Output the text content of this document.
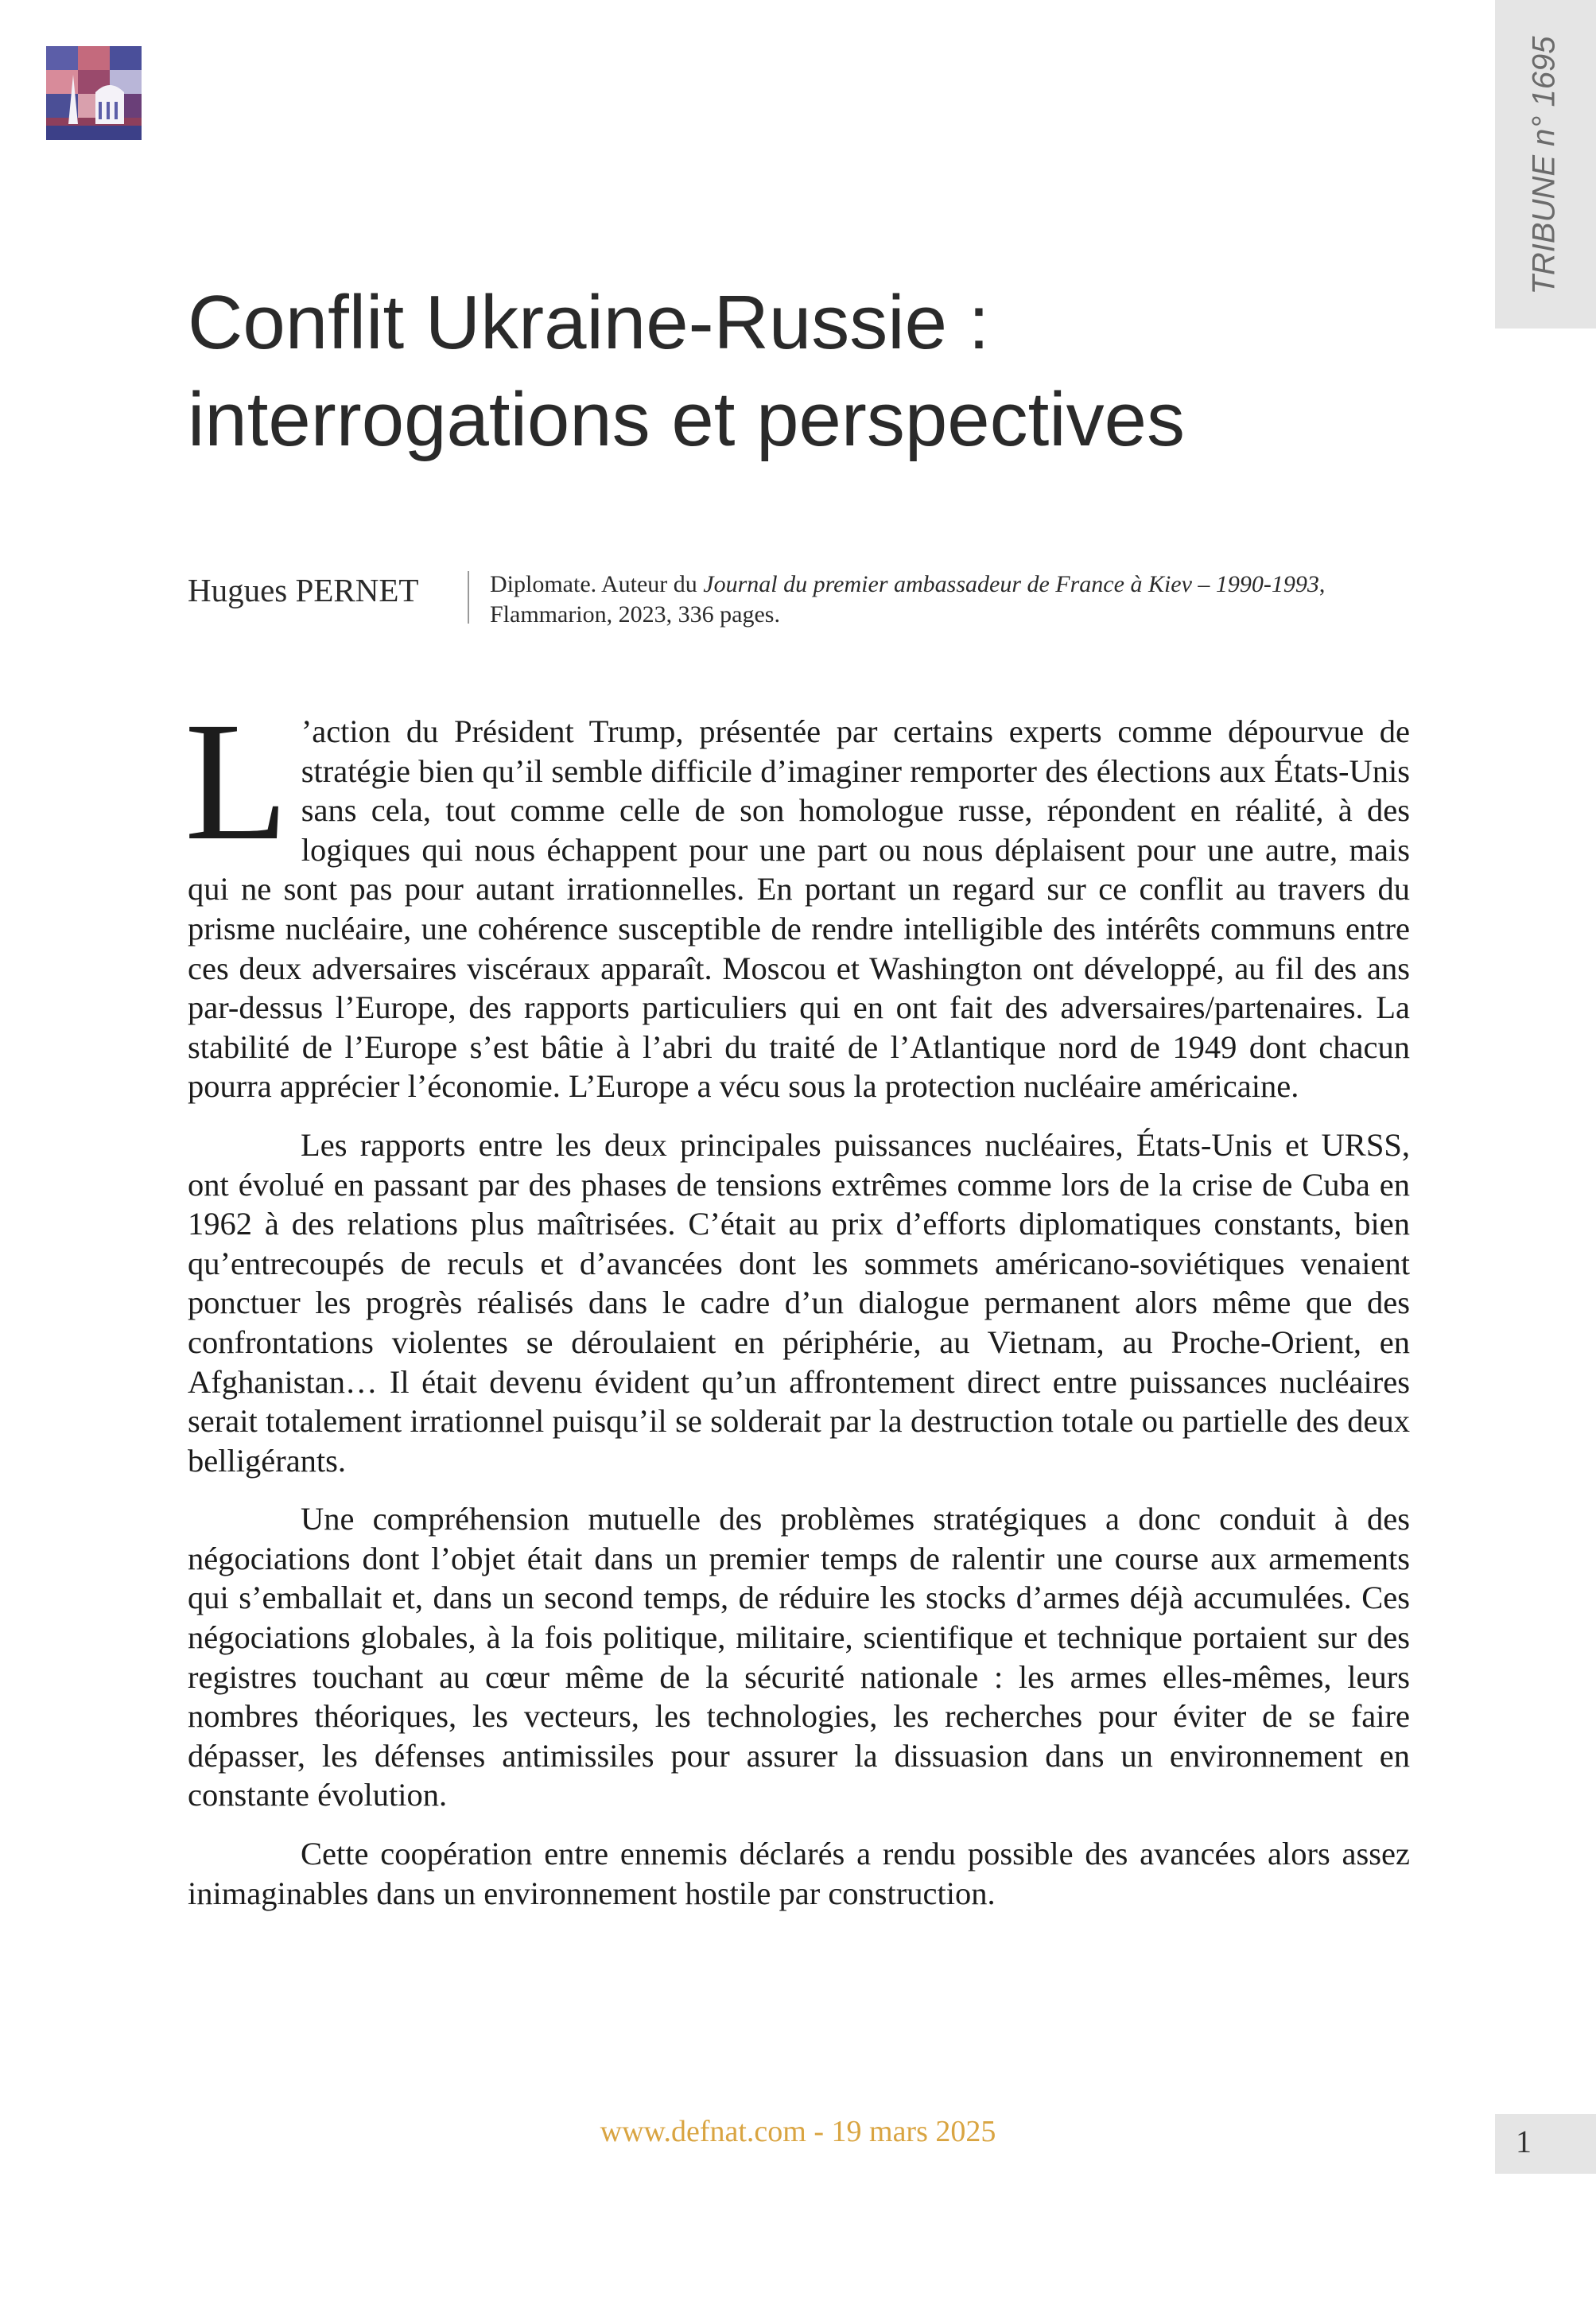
TRIBUNE n° 1695
Conflit Ukraine-Russie :
interrogations et perspectives
Hugues PERNET	Diplomate. Auteur du Journal du premier ambassadeur de France à Kiev – 1990-1993,
Flammarion, 2023, 336 pages.

L ’action du Président Trump, présentée par certains experts comme dépourvue de stratégie bien qu’il semble difficile d’imaginer remporter des élections aux États-Unis sans cela, tout comme celle de son homologue russe, répondent en réalité, à des logiques qui nous échappent pour une part ou nous déplaisent pour une autre, mais qui ne sont pas pour autant irrationnelles. En portant un regard sur ce conflit au travers du prisme nucléaire, une cohérence susceptible de rendre intelligible des intérêts communs entre ces deux adversaires viscéraux apparaît. Moscou et Washington ont développé, au fil des ans par-dessus l’Europe, des rapports particuliers qui en ont fait des adversaires/partenaires. La stabilité de l’Europe s’est bâtie à l’abri du traité de l’Atlantique nord de 1949 dont chacun pourra apprécier l’économie. L’Europe a vécu sous la protection nucléaire américaine.

Les rapports entre les deux principales puissances nucléaires, États-Unis et URSS, ont évolué en passant par des phases de tensions extrêmes comme lors de la crise de Cuba en 1962 à des relations plus maîtrisées. C’était au prix d’efforts diplomatiques constants, bien qu’entrecoupés de reculs et d’avancées dont les sommets américano-soviétiques venaient ponctuer les progrès réalisés dans le cadre d’un dialogue permanent alors même que des confrontations violentes se déroulaient en périphérie, au Vietnam, au Proche-Orient, en Afghanistan… Il était devenu évident qu’un affrontement direct entre puissances nucléaires serait totalement irrationnel puisqu’il se solderait par la destruction totale ou partielle des deux belligérants.

Une compréhension mutuelle des problèmes stratégiques a donc conduit à des négociations dont l’objet était dans un premier temps de ralentir une course aux armements qui s’emballait et, dans un second temps, de réduire les stocks d’armes déjà accumulées. Ces négociations globales, à la fois politique, militaire, scientifique et technique portaient sur des registres touchant au cœur même de la sécurité nationale : les armes elles-mêmes, leurs nombres théoriques, les vecteurs, les technologies, les recherches pour éviter de se faire dépasser, les défenses antimissiles pour assurer la dissuasion dans un environnement en constante évolution.

Cette coopération entre ennemis déclarés a rendu possible des avancées alors assez inimaginables dans un environnement hostile par construction.

www.defnat.com - 19 mars 2025	1
